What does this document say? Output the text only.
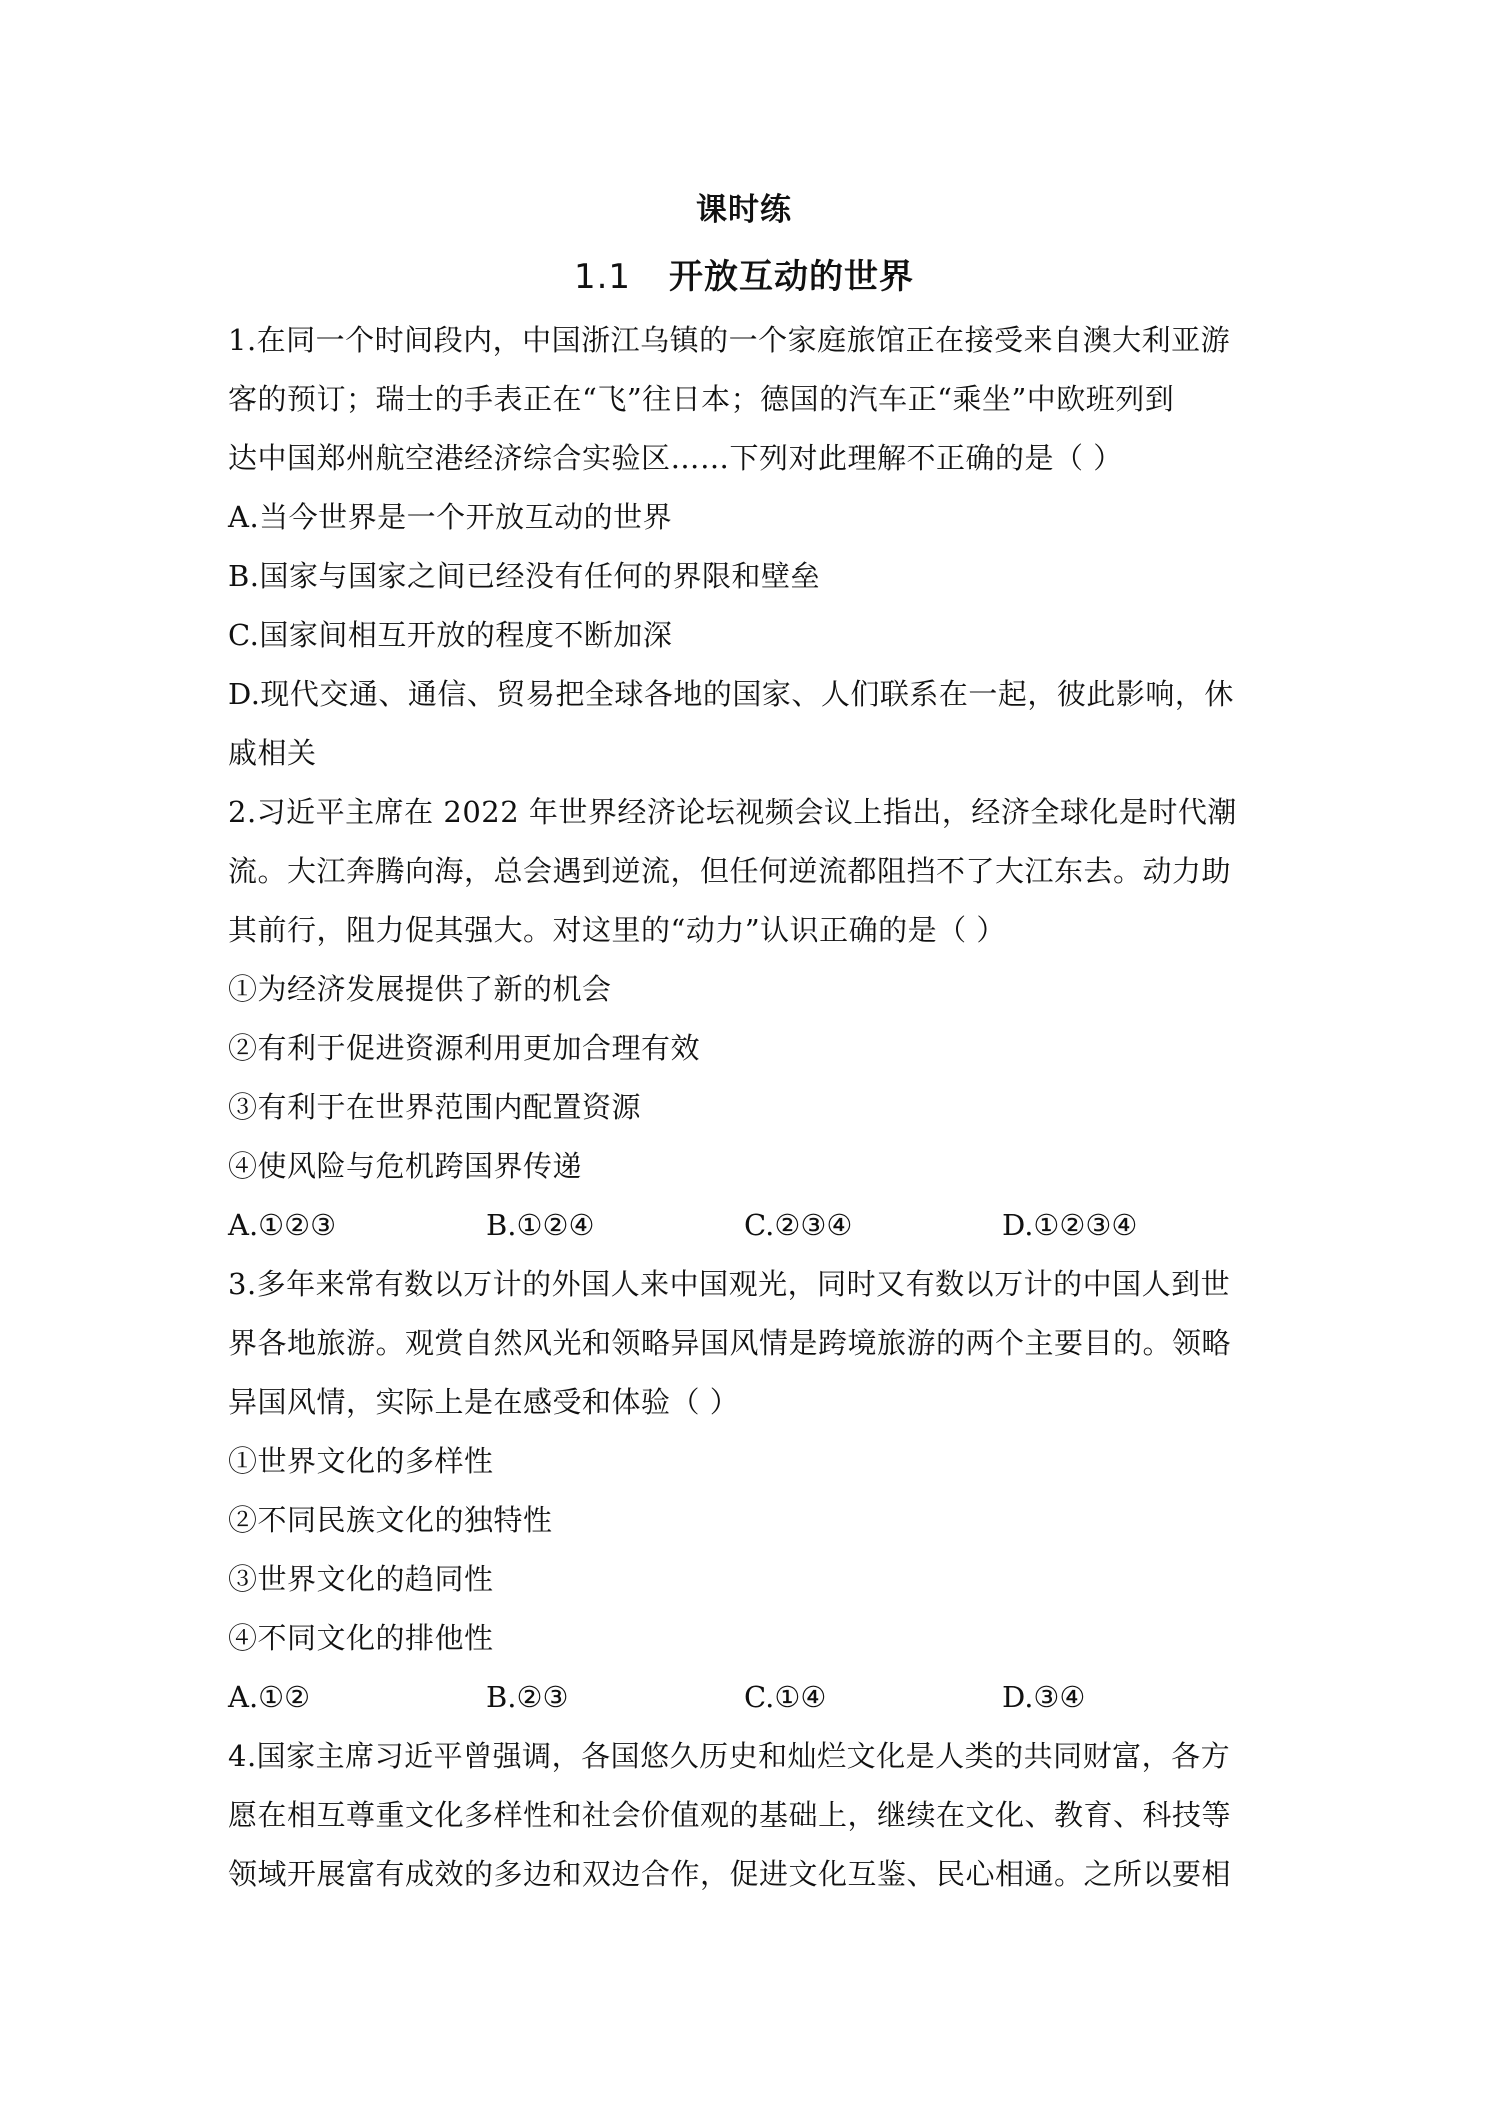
课时练
1.1 开放互动的世界
1.在同一个时间段内，中国浙江乌镇的一个家庭旅馆正在接受来自澳大利亚游
客的预订；瑞士的手表正在“飞”往日本；德国的汽车正“乘坐”中欧班列到
达中国郑州航空港经济综合实验区……下列对此理解不正确的是（ ）
A.当今世界是一个开放互动的世界
B.国家与国家之间已经没有任何的界限和壁垒
C.国家间相互开放的程度不断加深
D.现代交通、通信、贸易把全球各地的国家、人们联系在一起，彼此影响，休
戚相关
2.习近平主席在 2022 年世界经济论坛视频会议上指出，经济全球化是时代潮
流。大江奔腾向海，总会遇到逆流，但任何逆流都阻挡不了大江东去。动力助
其前行，阻力促其强大。对这里的“动力”认识正确的是（ ）
①为经济发展提供了新的机会
②有利于促进资源利用更加合理有效
③有利于在世界范围内配置资源
④使风险与危机跨国界传递
A.①②③	B.①②④	C.②③④	D.①②③④
3.多年来常有数以万计的外国人来中国观光，同时又有数以万计的中国人到世
界各地旅游。观赏自然风光和领略异国风情是跨境旅游的两个主要目的。领略
异国风情，实际上是在感受和体验（ ）
①世界文化的多样性
②不同民族文化的独特性
③世界文化的趋同性
④不同文化的排他性
A.①②	B.②③	C.①④	D.③④
4.国家主席习近平曾强调，各国悠久历史和灿烂文化是人类的共同财富，各方
愿在相互尊重文化多样性和社会价值观的基础上，继续在文化、教育、科技等
领域开展富有成效的多边和双边合作，促进文化互鉴、民心相通。之所以要相
